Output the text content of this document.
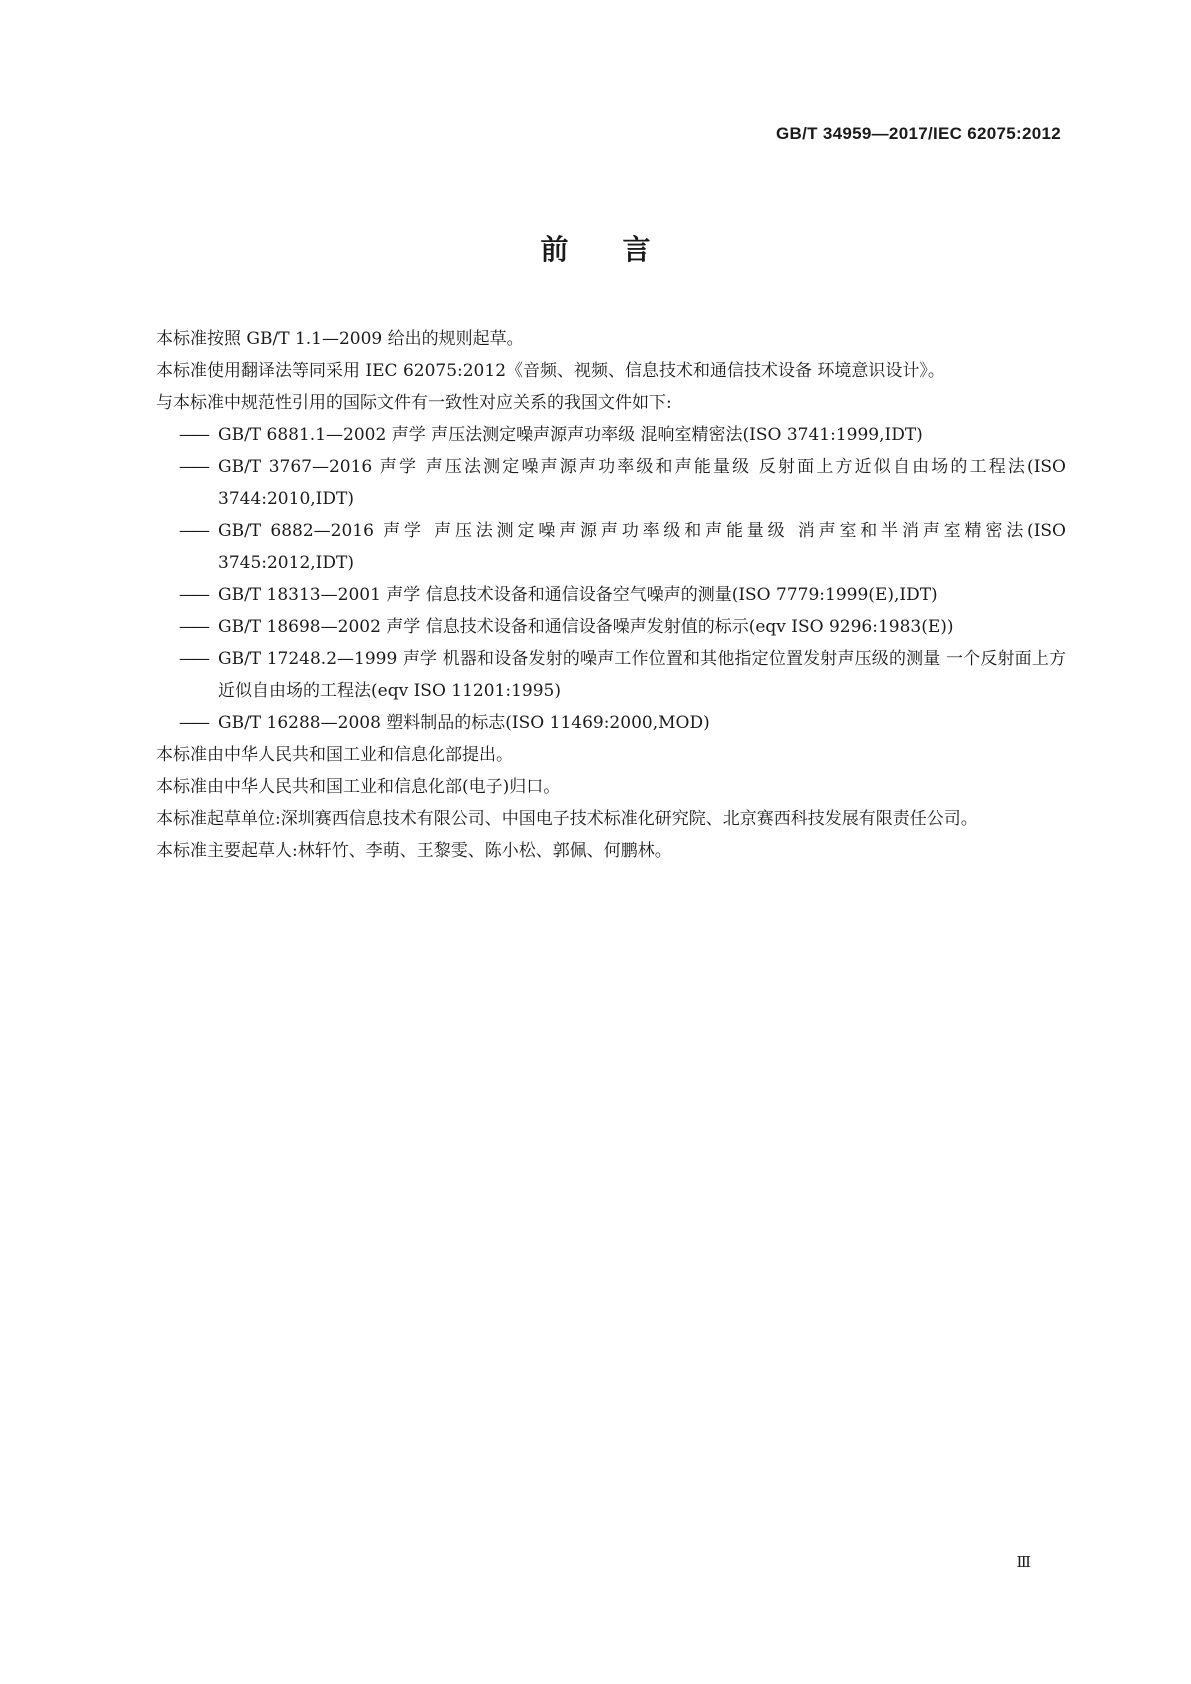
GB/T 34959—2017/IEC 62075:2012
前言

本标准按照 GB/T 1.1—2009 给出的规则起草。

本标准使用翻译法等同采用 IEC 62075:2012《音频、视频、信息技术和通信技术设备 环境意识设计》。

与本标准中规范性引用的国际文件有一致性对应关系的我国文件如下:

—— GB/T 6881.1—2002 声学 声压法测定噪声源声功率级 混响室精密法(ISO 3741:1999,IDT)
—— GB/T 3767—2016 声学 声压法测定噪声源声功率级和声能量级 反射面上方近似自由场的工程法(ISO 3744:2010,IDT)
—— GB/T 6882—2016 声学 声压法测定噪声源声功率级和声能量级 消声室和半消声室精密法(ISO 3745:2012,IDT)
—— GB/T 18313—2001 声学 信息技术设备和通信设备空气噪声的测量(ISO 7779:1999(E),IDT)
—— GB/T 18698—2002 声学 信息技术设备和通信设备噪声发射值的标示(eqv ISO 9296:1983(E))
—— GB/T 17248.2—1999 声学 机器和设备发射的噪声工作位置和其他指定位置发射声压级的测量 一个反射面上方近似自由场的工程法(eqv ISO 11201:1995)
—— GB/T 16288—2008 塑料制品的标志(ISO 11469:2000,MOD)

本标准由中华人民共和国工业和信息化部提出。

本标准由中华人民共和国工业和信息化部(电子)归口。

本标准起草单位:深圳赛西信息技术有限公司、中国电子技术标准化研究院、北京赛西科技发展有限责任公司。

本标准主要起草人:林轩竹、李萌、王黎雯、陈小松、郭佩、何鹏林。

Ⅲ
